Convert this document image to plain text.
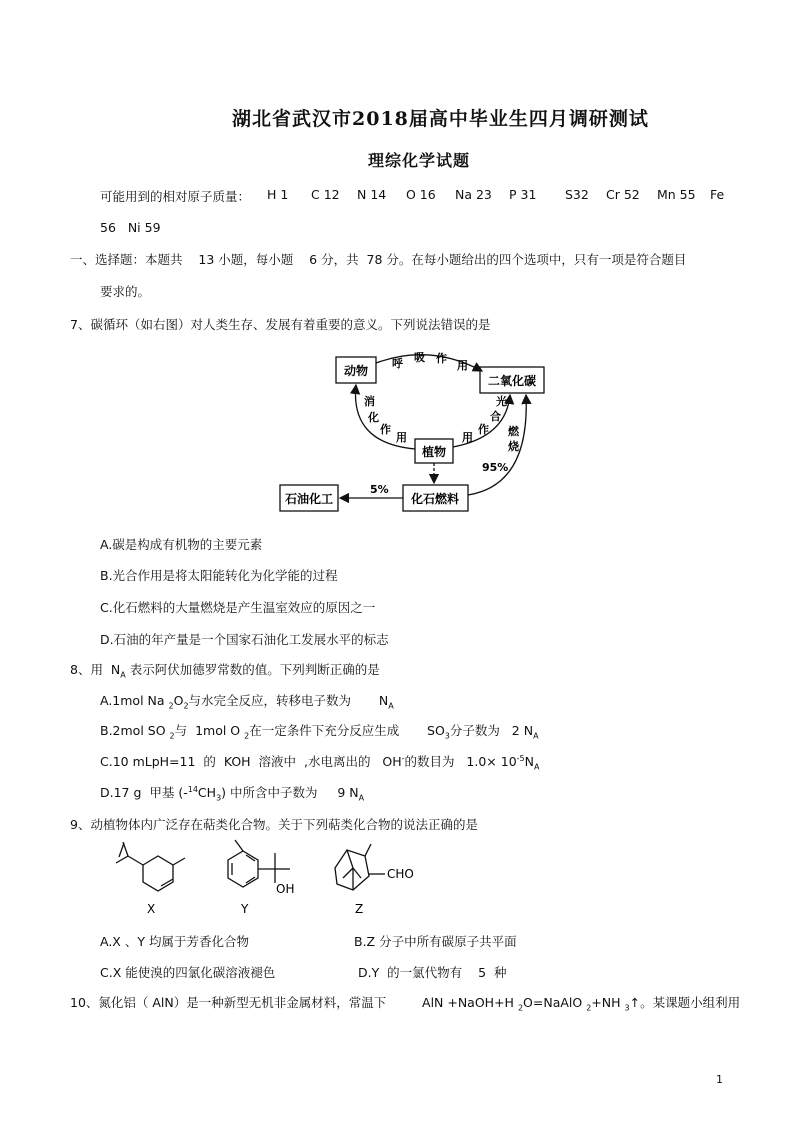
湖北省武汉市2018届高中毕业生四月调研测试
理综化学试题
可能用到的相对原子质量： H 1 C 12 N 14 O 16 Na 23 P 31 S32 Cr 52 Mn 55 Fe
56   Ni 59
一、选择题：本题共    13 小题，每小题    6 分，共  78 分。在每小题给出的四个选项中，只有一项是符合题目
要求的。
7、碳循环（如右图）对人类生存、发展有着重要的意义。下列说法错误的是
动物
二氧化碳
植物
化石燃料
石油化工
呼 吸 作
用
消
化
作
用
光
合
作
用	燃
烧
95%
5%
A.碳是构成有机物的主要元素
B.光合作用是将太阳能转化为化学能的过程
C.化石燃料的大量燃烧是产生温室效应的原因之一
D.石油的年产量是一个国家石油化工发展水平的标志
8、用  $N_A$ 表示阿伏加德罗常数的值。下列判断正确的是
A.1mol Na $_2O_2$与水完全反应，转移电子数为       $N_A$
B.2mol SO $_2$与  1mol O $_2$在一定条件下充分反应生成       $SO_3$分子数为   2 $N_A$
C.10 mLpH=11  的  KOH  溶液中  ,水电离出的   OH-的数目为   $1.0\times 10^{-5}N_A$
D.17 g  甲基 $(-^{14}CH_3)$ 中所含中子数为     9 $N_A$
9、动植物体内广泛存在萜类化合物。关于下列萜类化合物的说法正确的是
OH
CHO
X	Y	Z
A.X 、Y 均属于芳香化合物	B.Z 分子中所有碳原子共平面
C.X 能使溴的四氯化碳溶液褪色	D.Y  的一氯代物有    5  种
10、氮化铝（ AlN）是一种新型无机非金属材料，常温下         AlN +NaOH+H $_2$O=NaAlO $_2$+NH $_3$↑。某课题小组利用
1
